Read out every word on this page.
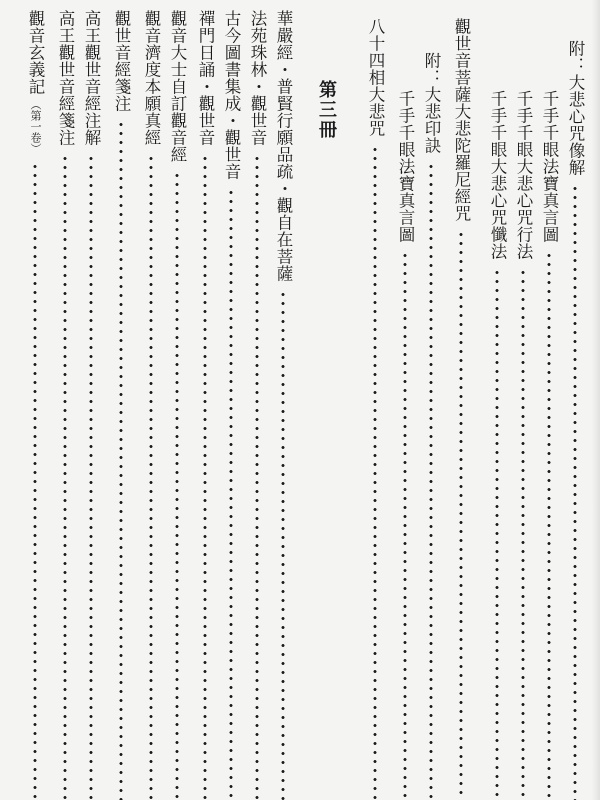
附：大悲心咒像解
千手千眼法寶真言圖
千手千眼大悲心咒行法
千手千眼大悲心咒懺法
觀世音菩薩大悲陀羅尼經咒
附：大悲印訣
千手千眼法寶真言圖
八十四相大悲咒
第三冊
華嚴經・普賢行願品疏・觀自在菩薩
法苑珠林・觀世音
古今圖書集成・觀世音
禪門日誦・觀世音
觀音大士自訂觀音經
觀音濟度本願真經
觀世音經箋注
高王觀世音經注解
高王觀世音經箋注
觀音玄義記
（第一卷）
